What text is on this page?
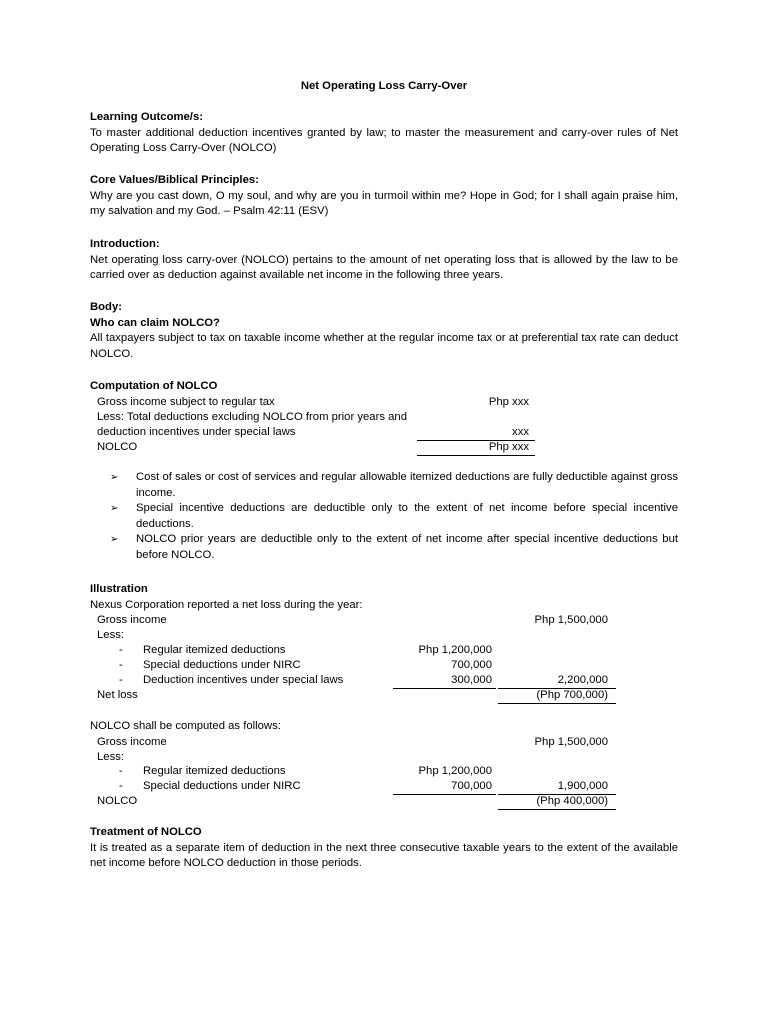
Net Operating Loss Carry-Over
Learning Outcome/s:
To master additional deduction incentives granted by law; to master the measurement and carry-over rules of Net Operating Loss Carry-Over (NOLCO)
Core Values/Biblical Principles:
Why are you cast down, O my soul, and why are you in turmoil within me? Hope in God; for I shall again praise him, my salvation and my God. – Psalm 42:11 (ESV)
Introduction:
Net operating loss carry-over (NOLCO) pertains to the amount of net operating loss that is allowed by the law to be carried over as deduction against available net income in the following three years.
Body:
Who can claim NOLCO?
All taxpayers subject to tax on taxable income whether at the regular income tax or at preferential tax rate can deduct NOLCO.
Computation of NOLCO
Gross income subject to regular tax	Php xxx
Less: Total deductions excluding NOLCO from prior years and
deduction incentives under special laws	xxx
NOLCO	Php xxx
➢ Cost of sales or cost of services and regular allowable itemized deductions are fully deductible against gross income.
➢ Special incentive deductions are deductible only to the extent of net income before special incentive deductions.
➢ NOLCO prior years are deductible only to the extent of net income after special incentive deductions but before NOLCO.
Illustration
Nexus Corporation reported a net loss during the year:
Gross income	Php 1,500,000
Less:
- Regular itemized deductions	Php 1,200,000
- Special deductions under NIRC	700,000
- Deduction incentives under special laws	300,000	2,200,000
Net loss	(Php 700,000)
NOLCO shall be computed as follows:
Gross income	Php 1,500,000
Less:
- Regular itemized deductions	Php 1,200,000
- Special deductions under NIRC	700,000	1,900,000
NOLCO	(Php 400,000)
Treatment of NOLCO
It is treated as a separate item of deduction in the next three consecutive taxable years to the extent of the available net income before NOLCO deduction in those periods.
